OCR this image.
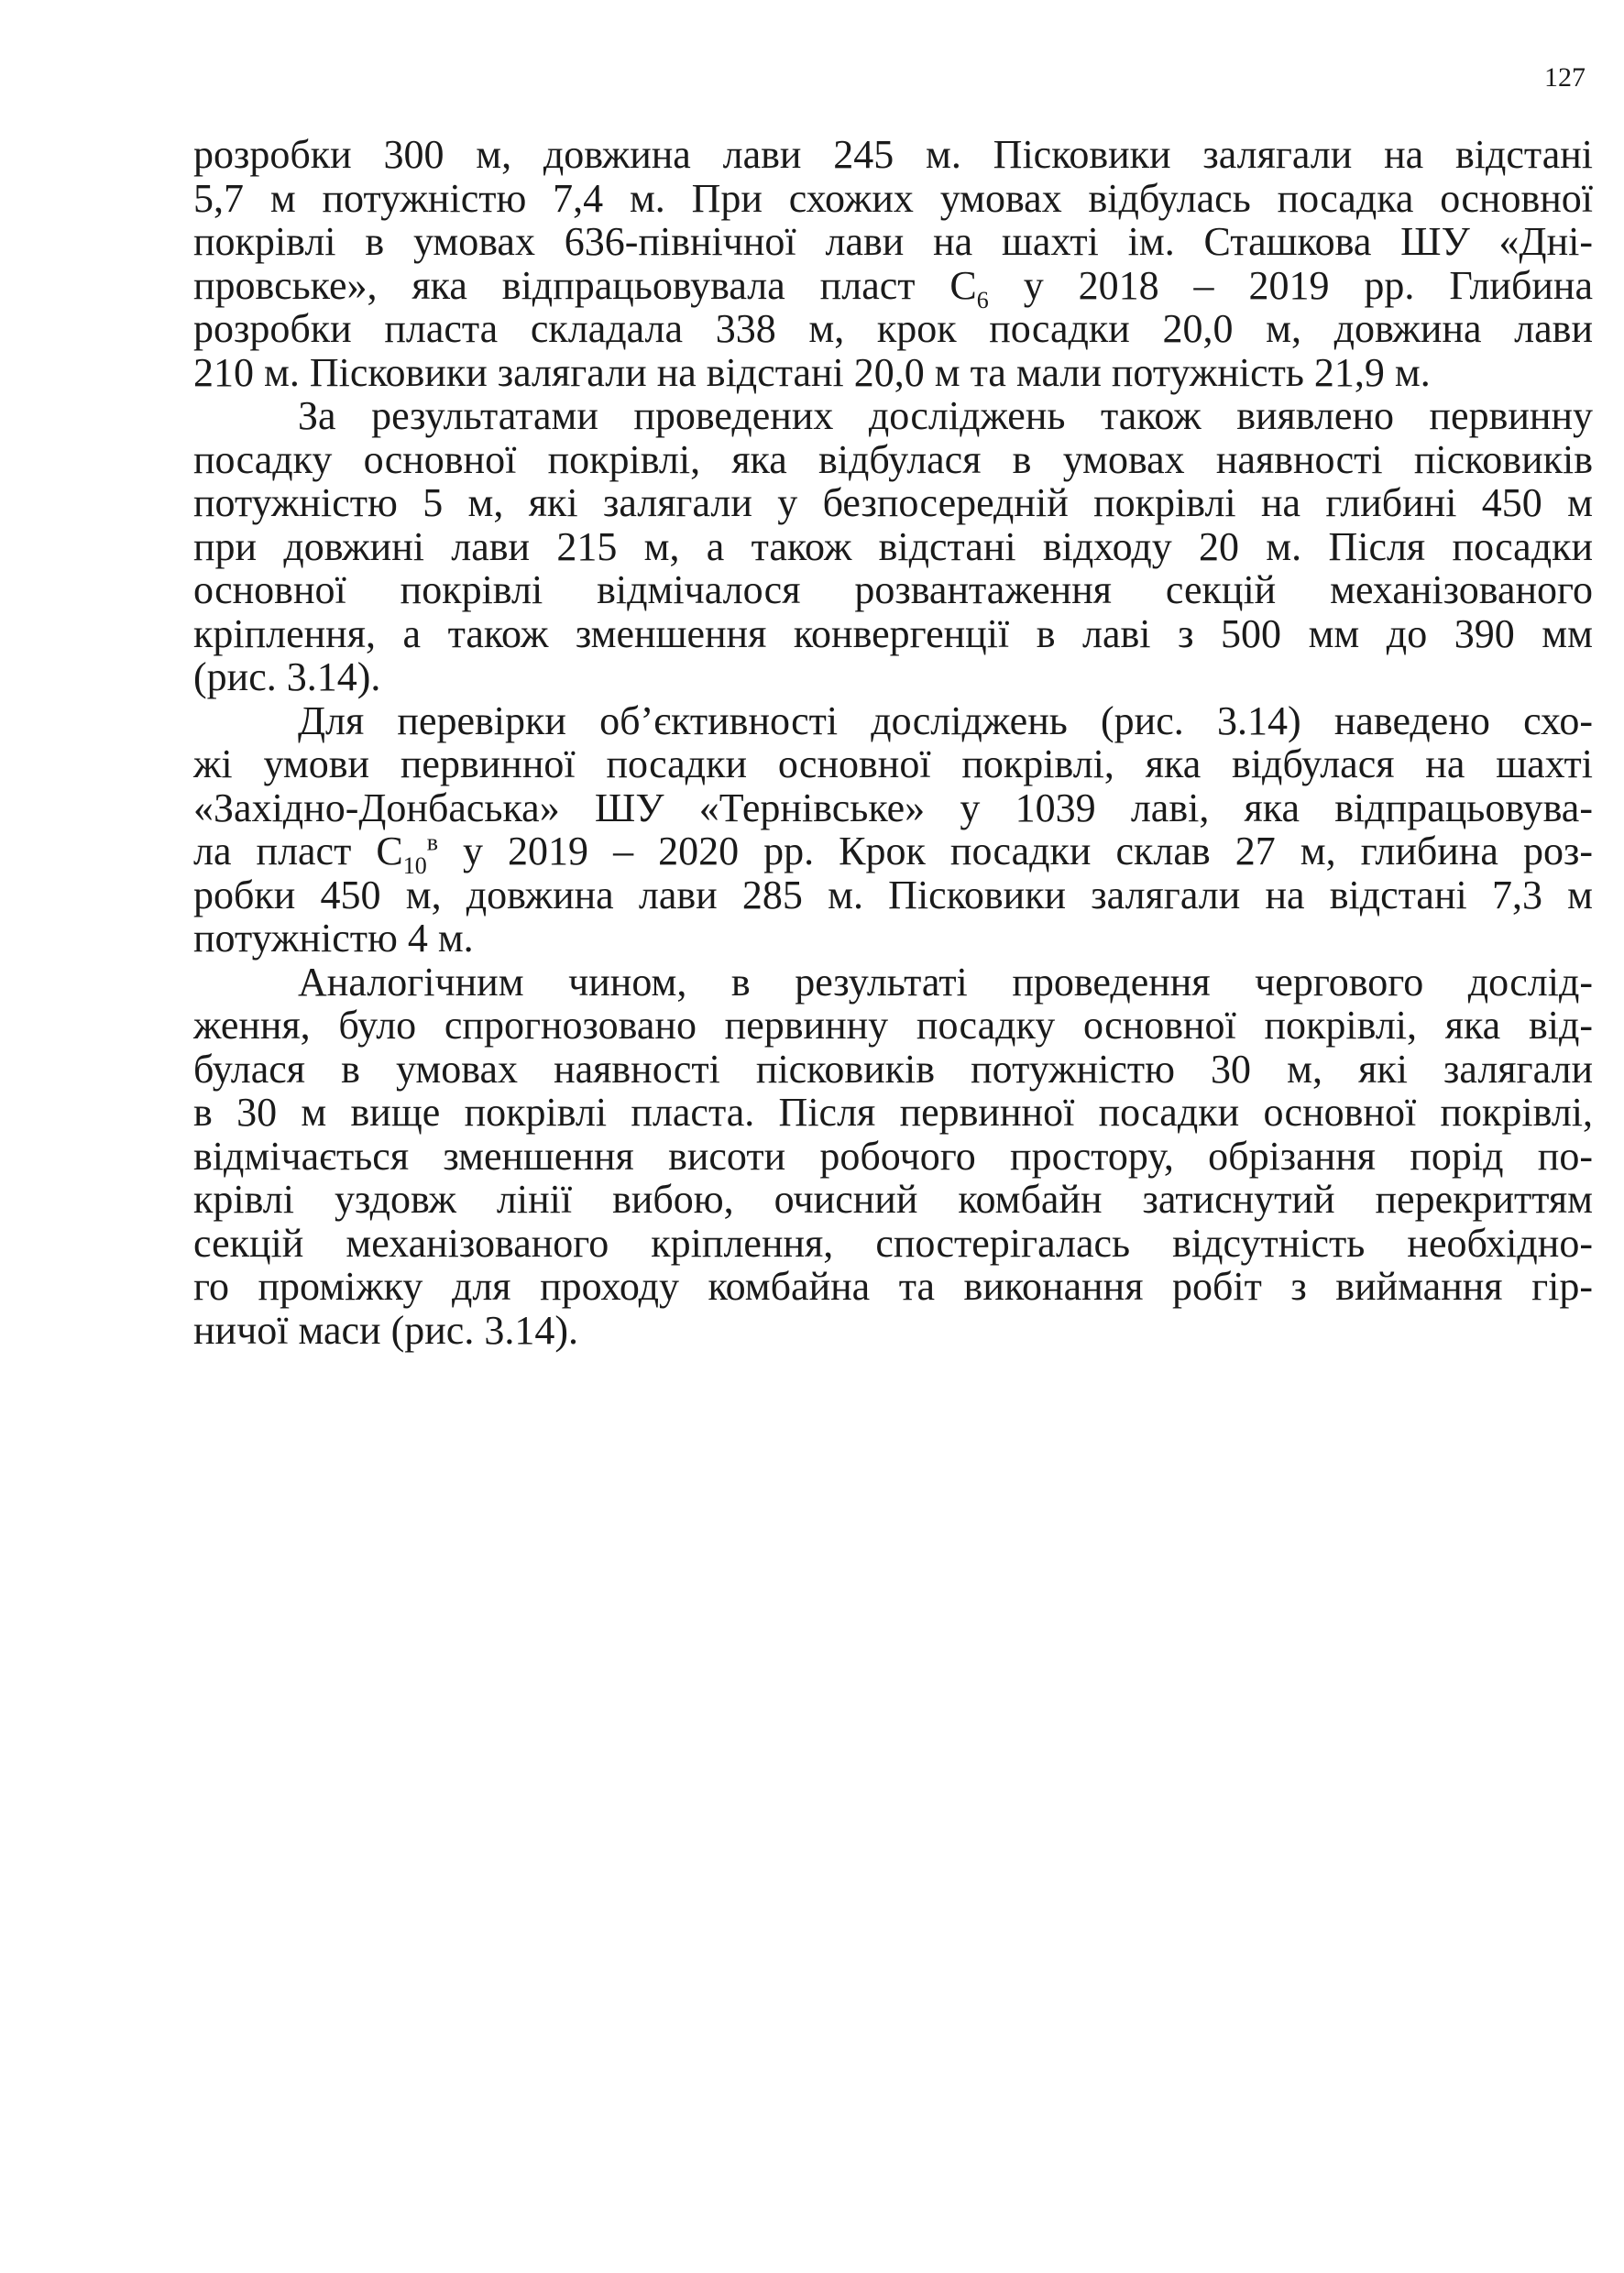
127
розробки 300 м, довжина лави 245 м. Пісковики залягали на відстані
5,7 м потужністю 7,4 м. При схожих умовах відбулась посадка основної
покрівлі в умовах 636-північної лави на шахті ім. Сташкова ШУ «Дні-
провське», яка відпрацьовувала пласт $С_6$ у 2018 – 2019 рр. Глибина
розробки пласта складала 338 м, крок посадки 20,0 м, довжина лави
210 м. Пісковики залягали на відстані 20,0 м та мали потужність 21,9 м.
За результатами проведених досліджень також виявлено первинну
посадку основної покрівлі, яка відбулася в умовах наявності пісковиків
потужністю 5 м, які залягали у безпосередній покрівлі на глибині 450 м
при довжині лави 215 м, а також відстані відходу 20 м. Після посадки
основної покрівлі відмічалося розвантаження секцій механізованого
кріплення, а також зменшення конвергенції в лаві з 500 мм до 390 мм
(рис. 3.14).
Для перевірки об’єктивності досліджень (рис. 3.14) наведено схо-
жі умови первинної посадки основної покрівлі, яка відбулася на шахті
«Західно-Донбаська» ШУ «Тернівське» у 1039 лаві, яка відпрацьовува-
ла пласт $С_{10}^в$ у 2019 – 2020 рр. Крок посадки склав 27 м, глибина роз-
робки 450 м, довжина лави 285 м. Пісковики залягали на відстані 7,3 м
потужністю 4 м.
Аналогічним чином, в результаті проведення чергового дослід-
ження, було спрогнозовано первинну посадку основної покрівлі, яка від-
булася в умовах наявності пісковиків потужністю 30 м, які залягали
в 30 м вище покрівлі пласта. Після первинної посадки основної покрівлі,
відмічається зменшення висоти робочого простору, обрізання порід по-
крівлі уздовж лінії вибою, очисний комбайн затиснутий перекриттям
секцій механізованого кріплення, спостерігалась відсутність необхідно-
го проміжку для проходу комбайна та виконання робіт з виймання гір-
ничої маси (рис. 3.14).
